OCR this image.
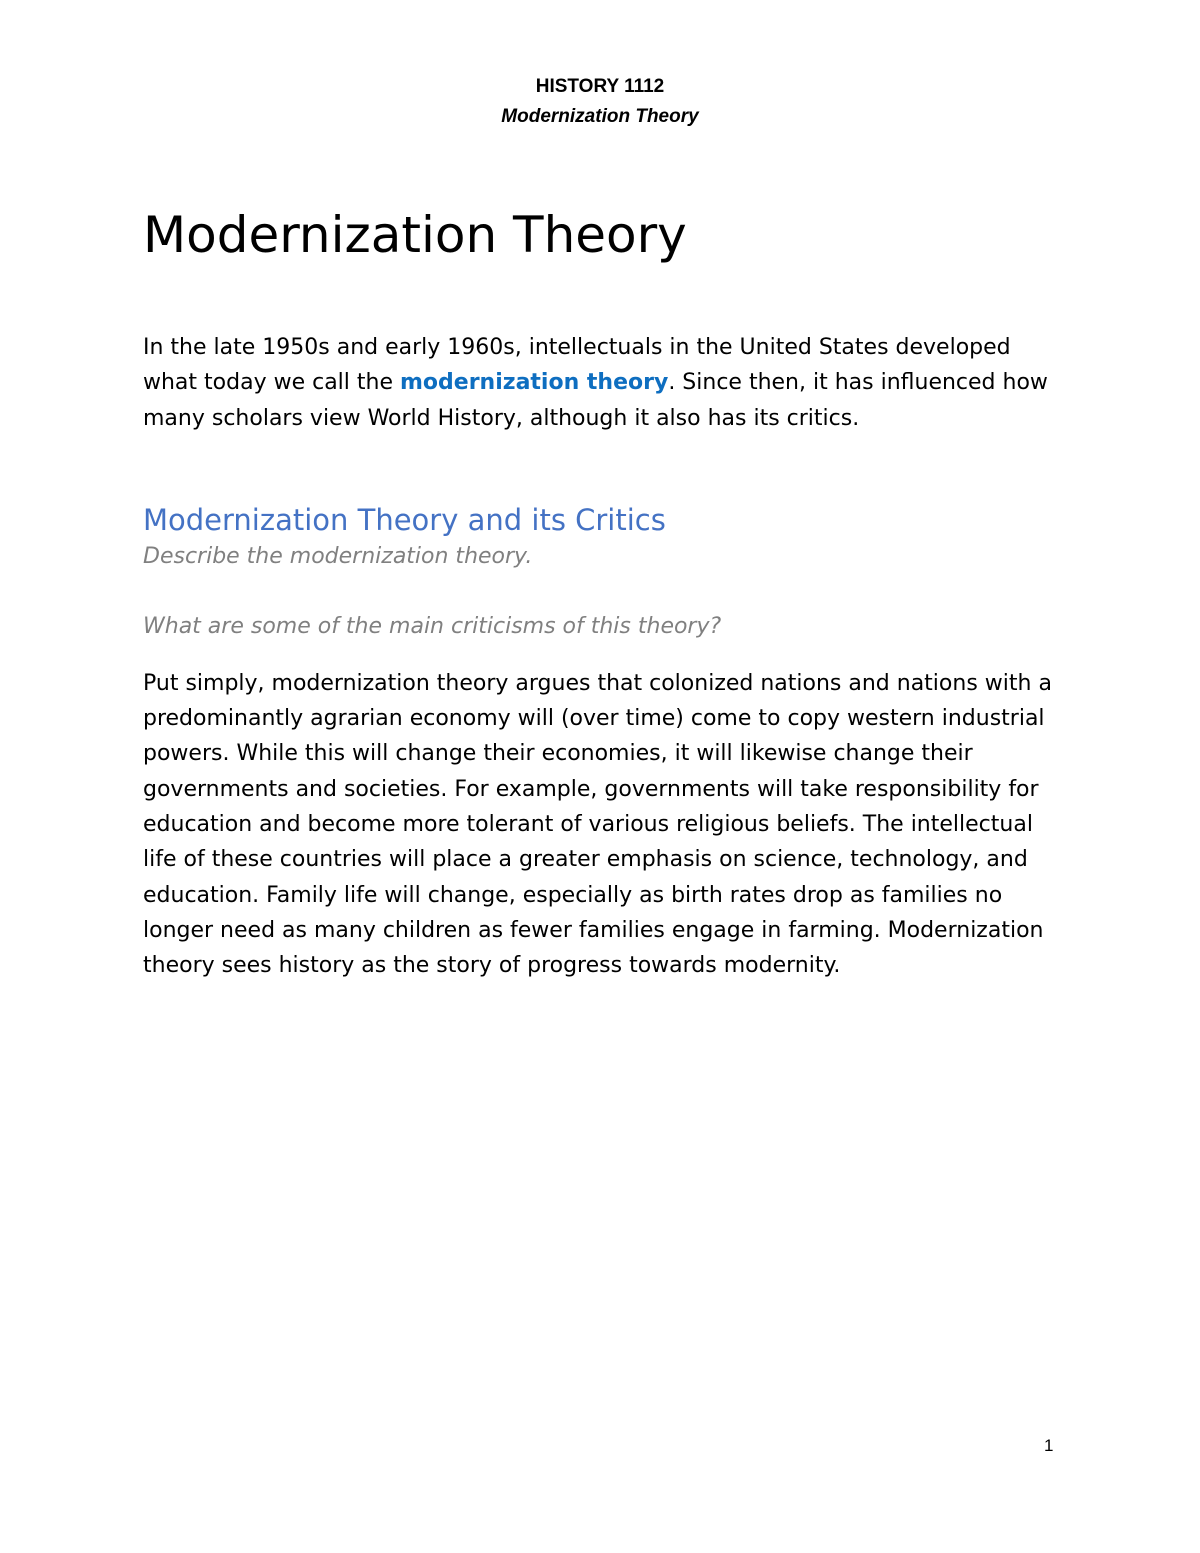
HISTORY 1112
Modernization Theory
Modernization Theory

In the late 1950s and early 1960s, intellectuals in the United States developed what today we call the modernization theory. Since then, it has influenced how many scholars view World History, although it also has its critics.

Modernization Theory and its Critics

Describe the modernization theory.

What are some of the main criticisms of this theory?

Put simply, modernization theory argues that colonized nations and nations with a predominantly agrarian economy will (over time) come to copy western industrial powers. While this will change their economies, it will likewise change their governments and societies. For example, governments will take responsibility for education and become more tolerant of various religious beliefs. The intellectual life of these countries will place a greater emphasis on science, technology, and education. Family life will change, especially as birth rates drop as families no longer need as many children as fewer families engage in farming. Modernization theory sees history as the story of progress towards modernity.

1
